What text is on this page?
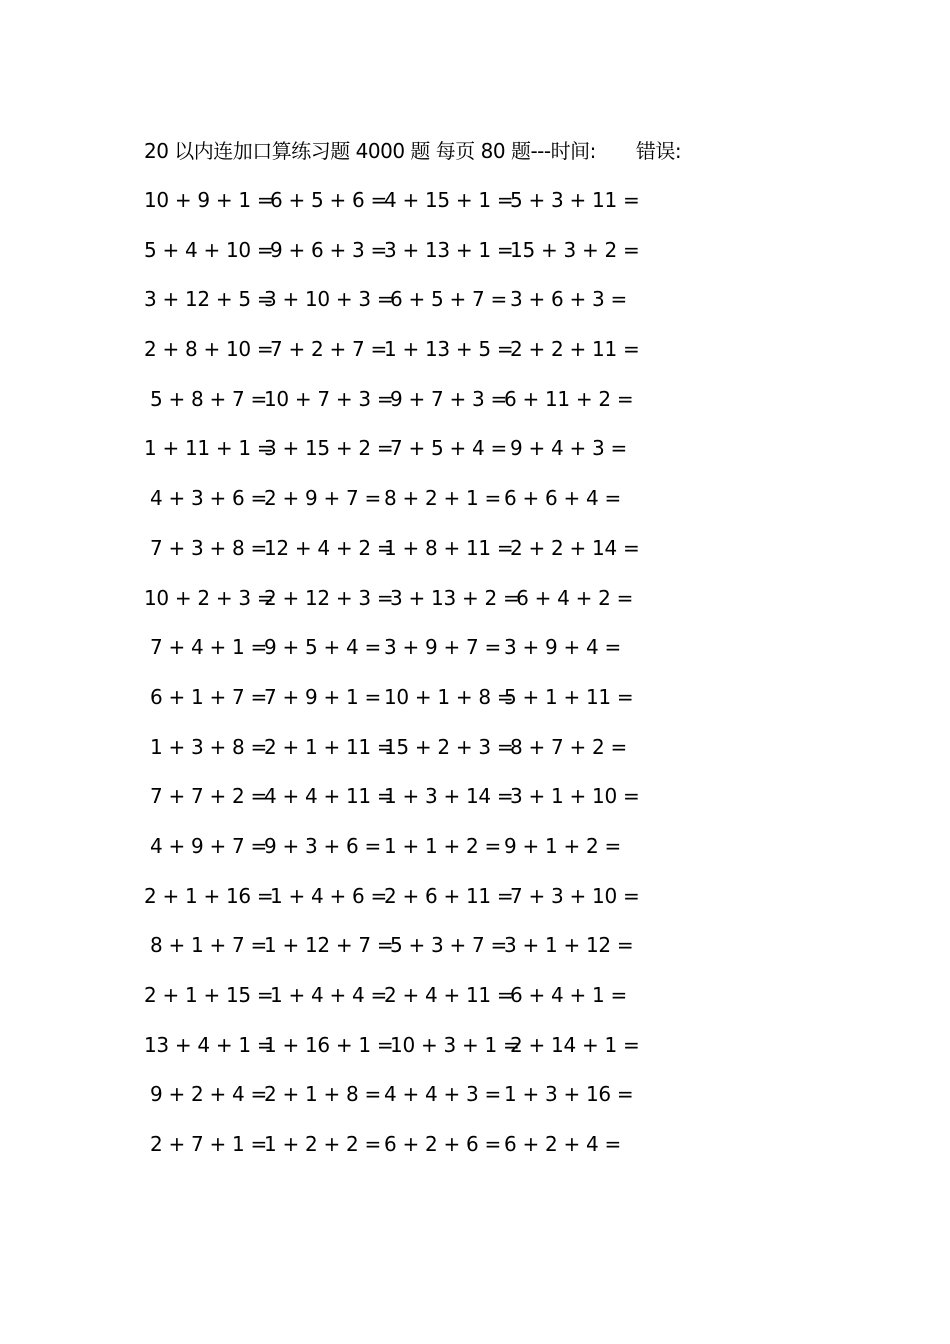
20 以内连加口算练习题 4000 题 每页 80 题---时间: 错误:
10 + 9 + 1 =
6 + 5 + 6 =
4 + 15 + 1 =
5 + 3 + 11 =
5 + 4 + 10 =
9 + 6 + 3 =
3 + 13 + 1 =
15 + 3 + 2 =
3 + 12 + 5 =
3 + 10 + 3 =
6 + 5 + 7 =
3 + 6 + 3 =
2 + 8 + 10 =
7 + 2 + 7 =
1 + 13 + 5 =
2 + 2 + 11 =
5 + 8 + 7 =
10 + 7 + 3 =
9 + 7 + 3 =
6 + 11 + 2 =
1 + 11 + 1 =
3 + 15 + 2 =
7 + 5 + 4 =
9 + 4 + 3 =
4 + 3 + 6 =
2 + 9 + 7 = 8 + 2 + 1 = 6 + 6 + 4 =
7 + 3 + 8 =
12 + 4 + 2 =
1 + 8 + 11 =
2 + 2 + 14 =
10 + 2 + 3 =
2 + 12 + 3 =
3 + 13 + 2 =
6 + 4 + 2 =
7 + 4 + 1 =
9 + 5 + 4 = 3 + 9 + 7 = 3 + 9 + 4 =
6 + 1 + 7 =
7 + 9 + 1 = 10 + 1 + 8 =
5 + 1 + 11 =
1 + 3 + 8 =
2 + 1 + 11 =
15 + 2 + 3 =
8 + 7 + 2 =
7 + 7 + 2 =
4 + 4 + 11 =
1 + 3 + 14 =
3 + 1 + 10 =
4 + 9 + 7 =
9 + 3 + 6 = 1 + 1 + 2 = 9 + 1 + 2 =
2 + 1 + 16 =
1 + 4 + 6 =
2 + 6 + 11 =
7 + 3 + 10 =
8 + 1 + 7 =
1 + 12 + 7 =
5 + 3 + 7 =
3 + 1 + 12 =
2 + 1 + 15 =
1 + 4 + 4 =
2 + 4 + 11 =
6 + 4 + 1 =
13 + 4 + 1 =
1 + 16 + 1 =
10 + 3 + 1 =
2 + 14 + 1 =
9 + 2 + 4 =
2 + 1 + 8 = 4 + 4 + 3 = 1 + 3 + 16 =
2 + 7 + 1 =
1 + 2 + 2 = 6 + 2 + 6 = 6 + 2 + 4 =
